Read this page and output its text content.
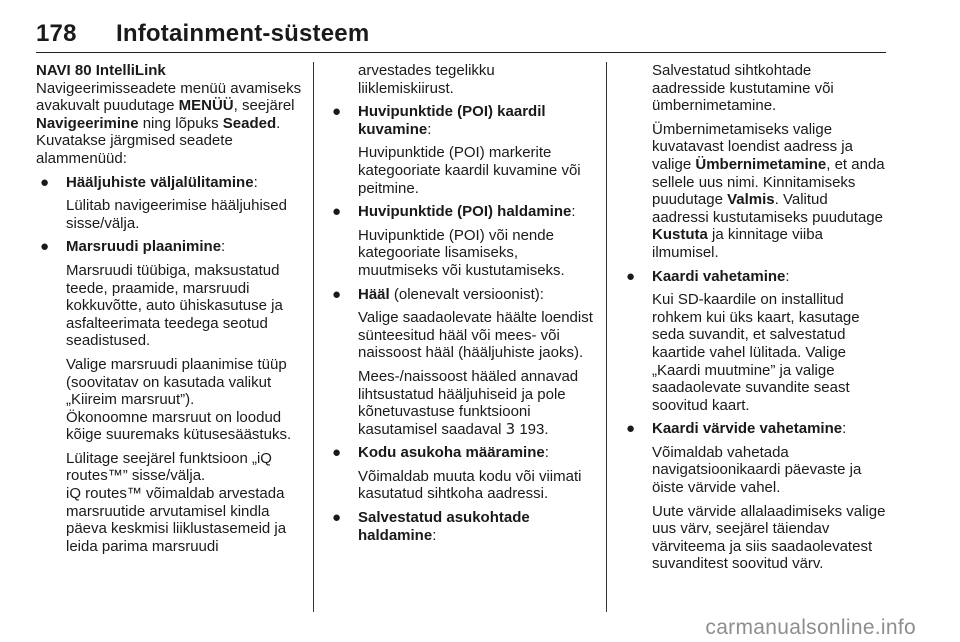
178 Infotainment-süsteem

NAVI 80 IntelliLink

Navigeerimisseadete menüü avamiseks avakuvalt puudutage MENÜÜ, seejärel Navigeerimine ning lõpuks Seaded. Kuvatakse järgmised seadete alammenüüd:

● Hääljuhiste väljalülitamine:
Lülitab navigeerimise hääljuhised sisse/välja.
● Marsruudi plaanimine:
Marsruudi tüübiga, maksustatud teede, praamide, marsruudi kokkuvõtte, auto ühiskasutuse ja asfalteerimata teedega seotud seadistused.
Valige marsruudi plaanimise tüüp (soovitatav on kasutada valikut „Kiireim marsruut”).
Ökonoomne marsruut on loodud kõige suuremaks kütusesäästuks.
Lülitage seejärel funktsioon „iQ routes™” sisse/välja.
iQ routes™ võimaldab arvestada marsruutide arvutamisel kindla päeva keskmisi liiklustasemeid ja leida parima marsruudi
arvestades tegelikku liiklemiskiirust.
● Huvipunktide (POI) kaardil kuvamine:
Huvipunktide (POI) markerite kategooriate kaardil kuvamine või peitmine.
● Huvipunktide (POI) haldamine:
Huvipunktide (POI) või nende kategooriate lisamiseks, muutmiseks või kustutamiseks.
● Hääl (olenevalt versioonist):
Valige saadaolevate häälte loendist sünteesitud hääl või mees- või naissoost hääl (hääljuhiste jaoks).
Mees-/naissoost hääled annavad lihtsustatud hääljuhiseid ja pole kõnetuvastuse funktsiooni kasutamisel saadaval 3 193.
● Kodu asukoha määramine:
Võimaldab muuta kodu või viimati kasutatud sihtkoha aadressi.
● Salvestatud asukohtade haldamine:
Salvestatud sihtkohtade aadresside kustutamine või ümbernimetamine.
Ümbernimetamiseks valige kuvatavast loendist aadress ja valige Ümbernimetamine, et anda sellele uus nimi. Kinnitamiseks puudutage Valmis. Valitud aadressi kustutamiseks puudutage Kustuta ja kinnitage viiba ilmumisel.
● Kaardi vahetamine:
Kui SD-kaardile on installitud rohkem kui üks kaart, kasutage seda suvandit, et salvestatud kaartide vahel lülitada. Valige „Kaardi muutmine” ja valige saadaolevate suvandite seast soovitud kaart.
● Kaardi värvide vahetamine:
Võimaldab vahetada navigatsioonikaardi päevaste ja öiste värvide vahel.
Uute värvide allalaadimiseks valige uus värv, seejärel täiendav värviteema ja siis saadaolevatest suvanditest soovitud värv.
carmanualsonline.info
